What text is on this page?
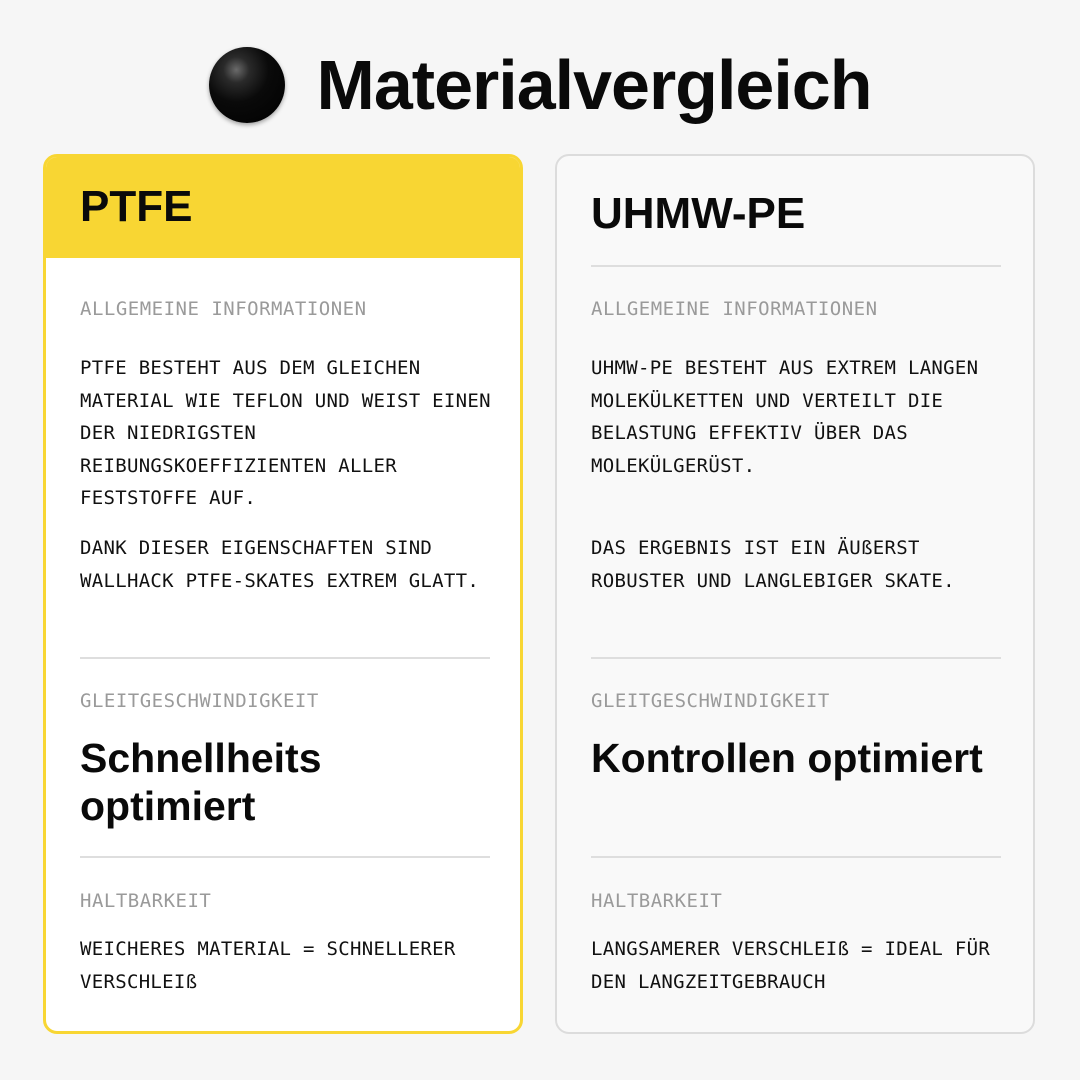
Materialvergleich
PTFE
ALLGEMEINE INFORMATIONEN
PTFE BESTEHT AUS DEM GLEICHEN MATERIAL WIE TEFLON UND WEIST EINEN DER NIEDRIGSTEN REIBUNGSKOEFFIZIENTEN ALLER FESTSTOFFE AUF.
DANK DIESER EIGENSCHAFTEN SIND WALLHACK PTFE-SKATES EXTREM GLATT.
GLEITGESCHWINDIGKEIT
Schnellheits optimiert
HALTBARKEIT
WEICHERES MATERIAL = SCHNELLERER VERSCHLEIß
UHMW-PE
ALLGEMEINE INFORMATIONEN
UHMW-PE BESTEHT AUS EXTREM LANGEN MOLEKÜLKETTEN UND VERTEILT DIE BELASTUNG EFFEKTIV ÜBER DAS MOLEKÜLGERÜST.
DAS ERGEBNIS IST EIN ÄUßERST ROBUSTER UND LANGLEBIGER SKATE.
GLEITGESCHWINDIGKEIT
Kontrollen optimiert
HALTBARKEIT
LANGSAMERER VERSCHLEIß = IDEAL FÜR DEN LANGZEITGEBRAUCH
